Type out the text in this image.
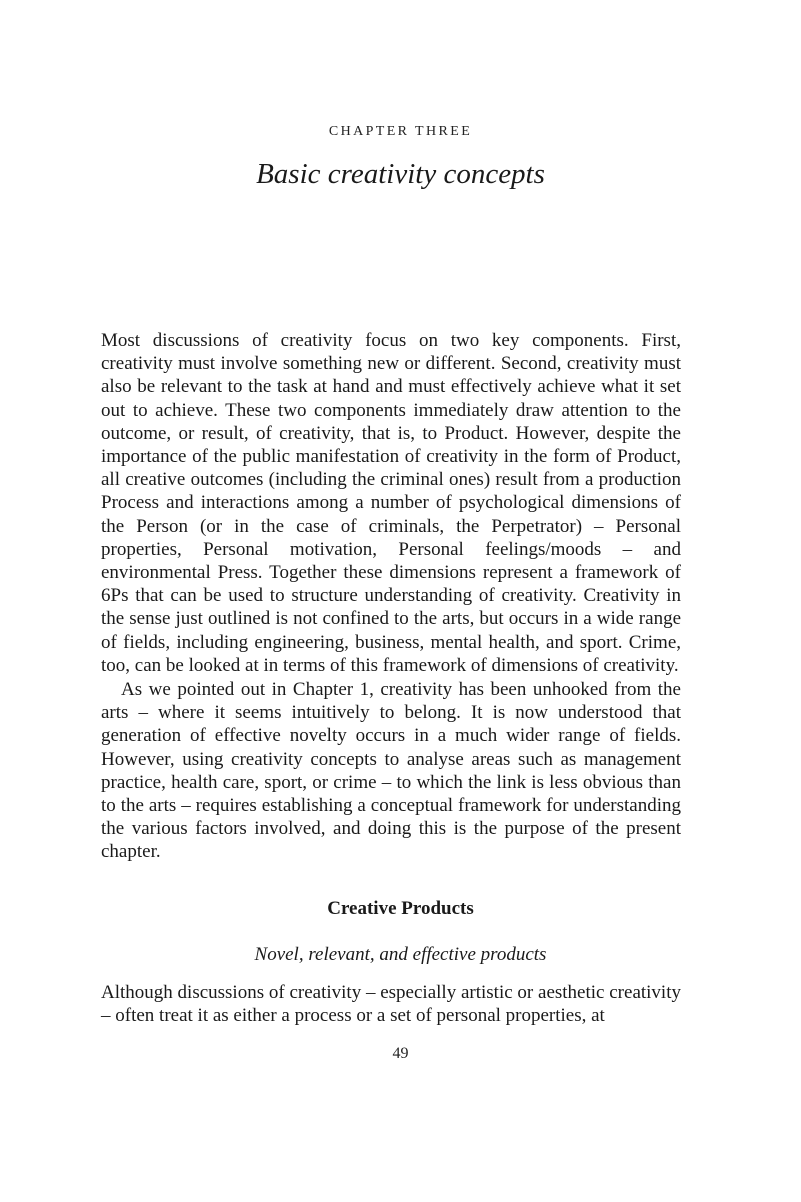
CHAPTER THREE
Basic creativity concepts

Most discussions of creativity focus on two key components. First, creativity must involve something new or different. Second, creativity must also be relevant to the task at hand and must effectively achieve what it set out to achieve. These two components immediately draw attention to the outcome, or result, of creativity, that is, to Product. However, despite the importance of the public manifestation of creativity in the form of Product, all creative outcomes (including the criminal ones) result from a production Process and interactions among a number of psychological dimensions of the Person (or in the case of criminals, the Perpetrator) – Personal properties, Personal motivation, Personal feelings/moods – and environmental Press. Together these dimensions represent a framework of 6Ps that can be used to structure understanding of creativity. Creativity in the sense just outlined is not confined to the arts, but occurs in a wide range of fields, including engineering, business, mental health, and sport. Crime, too, can be looked at in terms of this framework of dimensions of creativity.

As we pointed out in Chapter 1, creativity has been unhooked from the arts – where it seems intuitively to belong. It is now understood that generation of effective novelty occurs in a much wider range of fields. However, using creativity concepts to analyse areas such as management practice, health care, sport, or crime – to which the link is less obvious than to the arts – requires establishing a conceptual framework for understanding the various factors involved, and doing this is the purpose of the present chapter.

Creative Products
Novel, relevant, and effective products

Although discussions of creativity – especially artistic or aesthetic creativity – often treat it as either a process or a set of personal properties, at

49
